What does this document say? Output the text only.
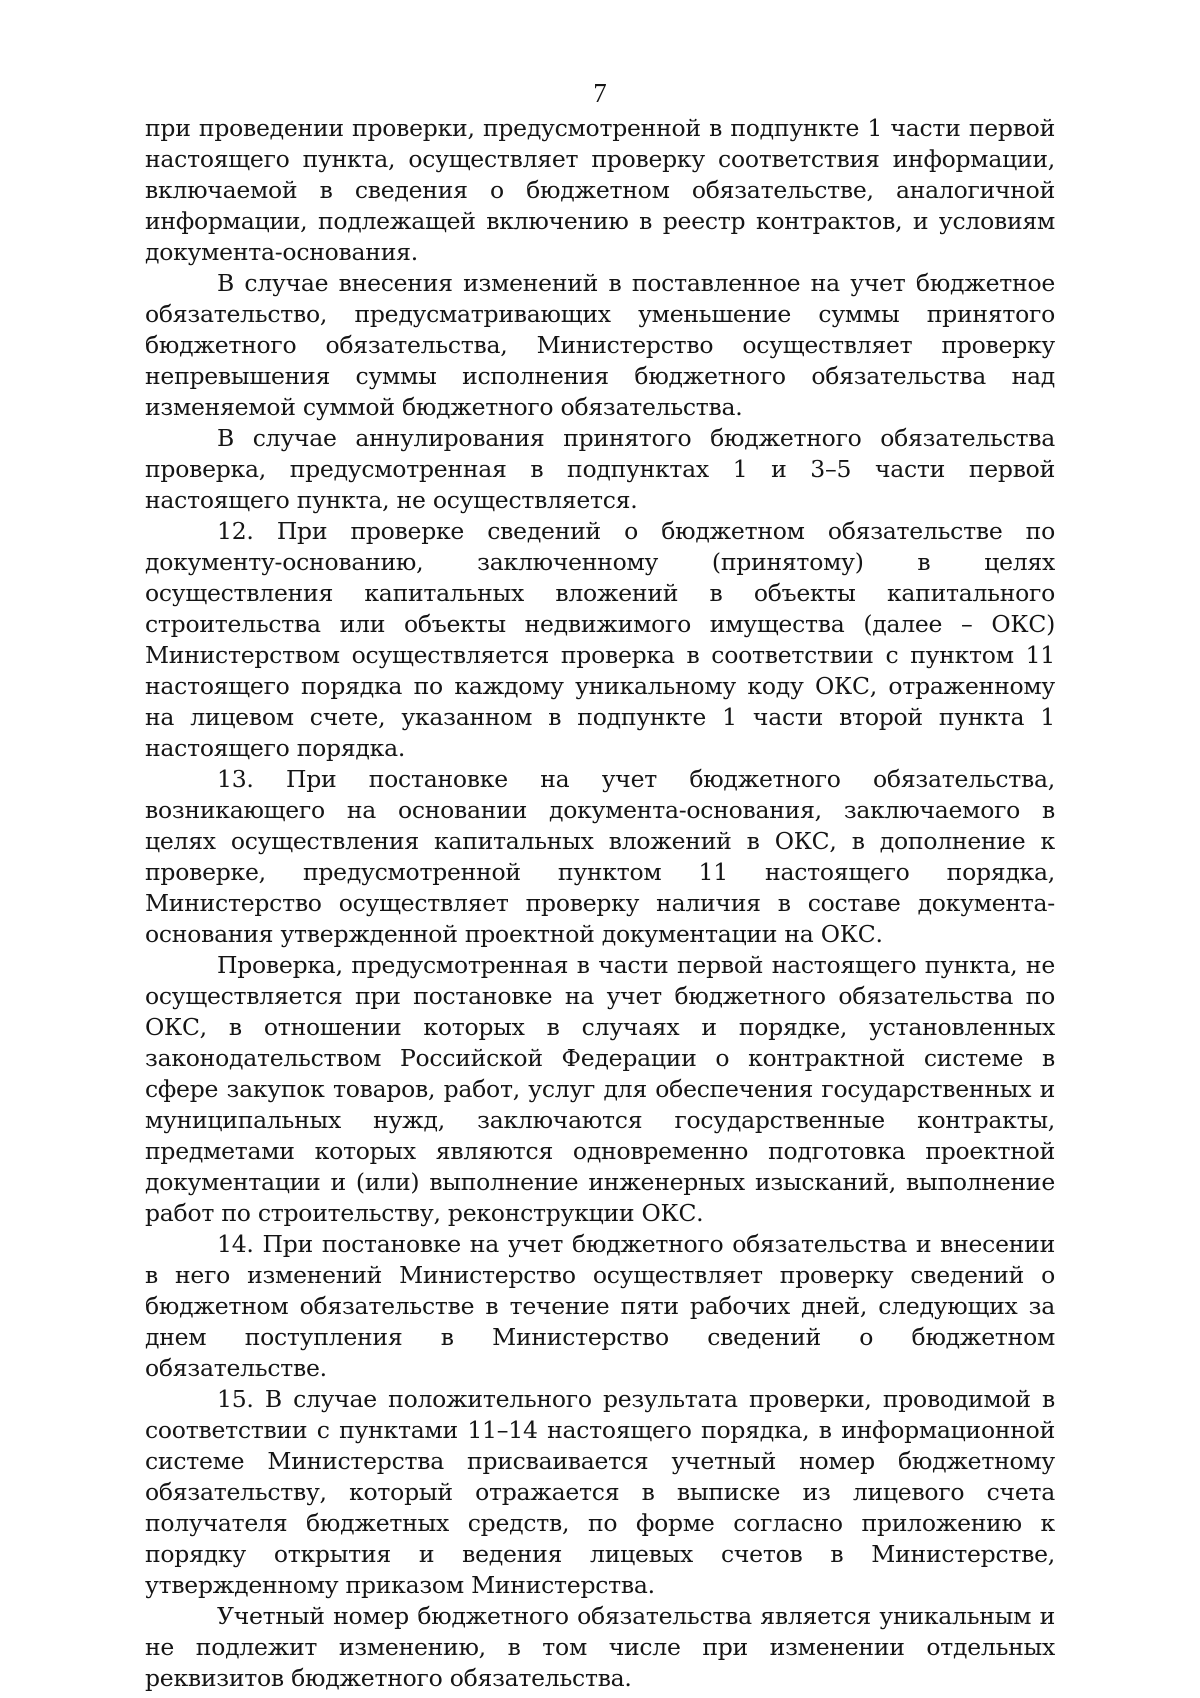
7

при проведении проверки, предусмотренной в подпункте 1 части первой настоящего пункта, осуществляет проверку соответствия информации, включаемой в сведения о бюджетном обязательстве, аналогичной информации, подлежащей включению в реестр контрактов, и условиям документа-основания.

В случае внесения изменений в поставленное на учет бюджетное обязательство, предусматривающих уменьшение суммы принятого бюджетного обязательства, Министерство осуществляет проверку непревышения суммы исполнения бюджетного обязательства над изменяемой суммой бюджетного обязательства.

В случае аннулирования принятого бюджетного обязательства проверка, предусмотренная в подпунктах 1 и 3–5 части первой настоящего пункта, не осуществляется.

12. При проверке сведений о бюджетном обязательстве по документу-основанию, заключенному (принятому) в целях осуществления капитальных вложений в объекты капитального строительства или объекты недвижимого имущества (далее – ОКС) Министерством осуществляется проверка в соответствии с пунктом 11 настоящего порядка по каждому уникальному коду ОКС, отраженному на лицевом счете, указанном в подпункте 1 части второй пункта 1 настоящего порядка.

13. При постановке на учет бюджетного обязательства, возникающего на основании документа-основания, заключаемого в целях осуществления капитальных вложений в ОКС, в дополнение к проверке, предусмотренной пунктом 11 настоящего порядка, Министерство осуществляет проверку наличия в составе документа-основания утвержденной проектной документации на ОКС.

Проверка, предусмотренная в части первой настоящего пункта, не осуществляется при постановке на учет бюджетного обязательства по ОКС, в отношении которых в случаях и порядке, установленных законодательством Российской Федерации о контрактной системе в сфере закупок товаров, работ, услуг для обеспечения государственных и муниципальных нужд, заключаются государственные контракты, предметами которых являются одновременно подготовка проектной документации и (или) выполнение инженерных изысканий, выполнение работ по строительству, реконструкции ОКС.

14. При постановке на учет бюджетного обязательства и внесении в него изменений Министерство осуществляет проверку сведений о бюджетном обязательстве в течение пяти рабочих дней, следующих за днем поступления в Министерство сведений о бюджетном обязательстве.

15. В случае положительного результата проверки, проводимой в соответствии с пунктами 11–14 настоящего порядка, в информационной системе Министерства присваивается учетный номер бюджетному обязательству, который отражается в выписке из лицевого счета получателя бюджетных средств, по форме согласно приложению к порядку открытия и ведения лицевых счетов в Министерстве, утвержденному приказом Министерства.

Учетный номер бюджетного обязательства является уникальным и не подлежит изменению, в том числе при изменении отдельных реквизитов бюджетного обязательства.
